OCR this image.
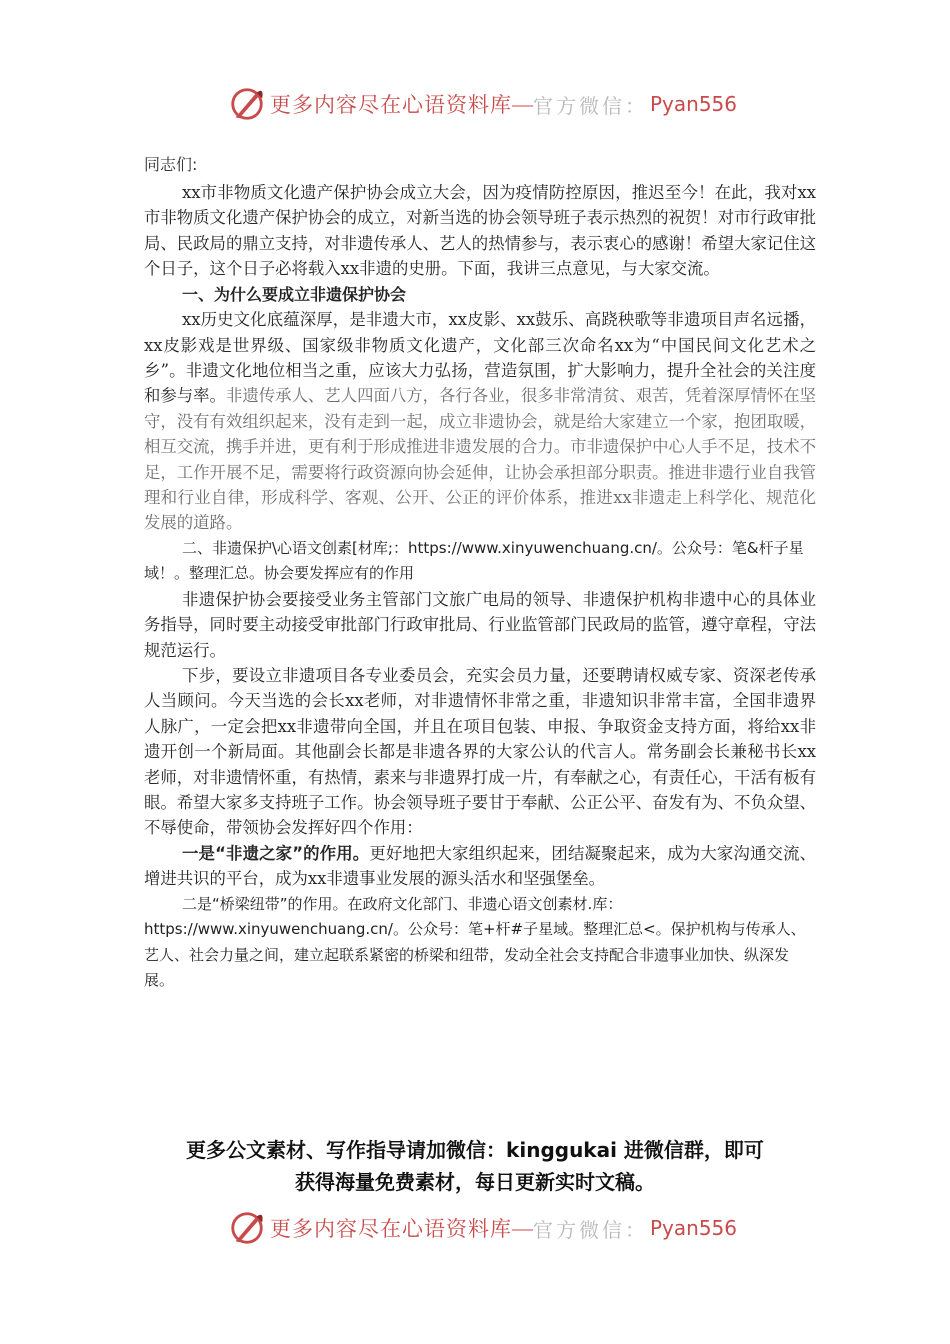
更多内容尽在心语资料库 — 官方微信： Pyan556

同志们:

xx市非物质文化遗产保护协会成立大会，因为疫情防控原因，推迟至今！在此，我对xx市非物质文化遗产保护协会的成立，对新当选的协会领导班子表示热烈的祝贺！对市行政审批局、民政局的鼎立支持，对非遗传承人、艺人的热情参与，表示衷心的感谢！希望大家记住这个日子，这个日子必将载入xx非遗的史册。下面，我讲三点意见，与大家交流。

一、为什么要成立非遗保护协会

xx历史文化底蕴深厚，是非遗大市，xx皮影、xx鼓乐、高跷秧歌等非遗项目声名远播，xx皮影戏是世界级、国家级非物质文化遗产，文化部三次命名xx为“中国民间文化艺术之乡”。非遗文化地位相当之重，应该大力弘扬，营造氛围，扩大影响力，提升全社会的关注度和参与率。非遗传承人、艺人四面八方，各行各业，很多非常清贫、艰苦，凭着深厚情怀在坚守，没有有效组织起来，没有走到一起，成立非遗协会，就是给大家建立一个家，抱团取暖，相互交流，携手并进，更有利于形成推进非遗发展的合力。市非遗保护中心人手不足，技术不足，工作开展不足，需要将行政资源向协会延伸，让协会承担部分职责。推进非遗行业自我管理和行业自律，形成科学、客观、公开、公正的评价体系，推进xx非遗走上科学化、规范化发展的道路。

二、非遗保护\心语文创素[材库;：https://www.xinyuwenchuang.cn/。公众号：笔&杆子星域！。整理汇总。协会要发挥应有的作用

非遗保护协会要接受业务主管部门文旅广电局的领导、非遗保护机构非遗中心的具体业务指导，同时要主动接受审批部门行政审批局、行业监管部门民政局的监管，遵守章程，守法规范运行。

下步，要设立非遗项目各专业委员会，充实会员力量，还要聘请权威专家、资深老传承人当顾问。今天当选的会长xx老师，对非遗情怀非常之重，非遗知识非常丰富，全国非遗界人脉广，一定会把xx非遗带向全国，并且在项目包装、申报、争取资金支持方面，将给xx非遗开创一个新局面。其他副会长都是非遗各界的大家公认的代言人。常务副会长兼秘书长xx老师，对非遗情怀重，有热情，素来与非遗界打成一片，有奉献之心，有责任心，干活有板有眼。希望大家多支持班子工作。协会领导班子要甘于奉献、公正公平、奋发有为、不负众望、不辱使命，带领协会发挥好四个作用：

一是“非遗之家”的作用。更好地把大家组织起来，团结凝聚起来，成为大家沟通交流、增进共识的平台，成为xx非遗事业发展的源头活水和坚强堡垒。

二是“桥梁纽带”的作用。在政府文化部门、非遗心语文创素材.库：https://www.xinyuwenchuang.cn/。公众号：笔+杆#子星域。整理汇总<。保护机构与传承人、艺人、社会力量之间，建立起联系紧密的桥梁和纽带，发动全社会支持配合非遗事业加快、纵深发展。

更多公文素材、写作指导请加微信：kinggukai 进微信群，即可
获得海量免费素材，每日更新实时文稿。
更多内容尽在心语资料库 — 官方微信： Pyan556
